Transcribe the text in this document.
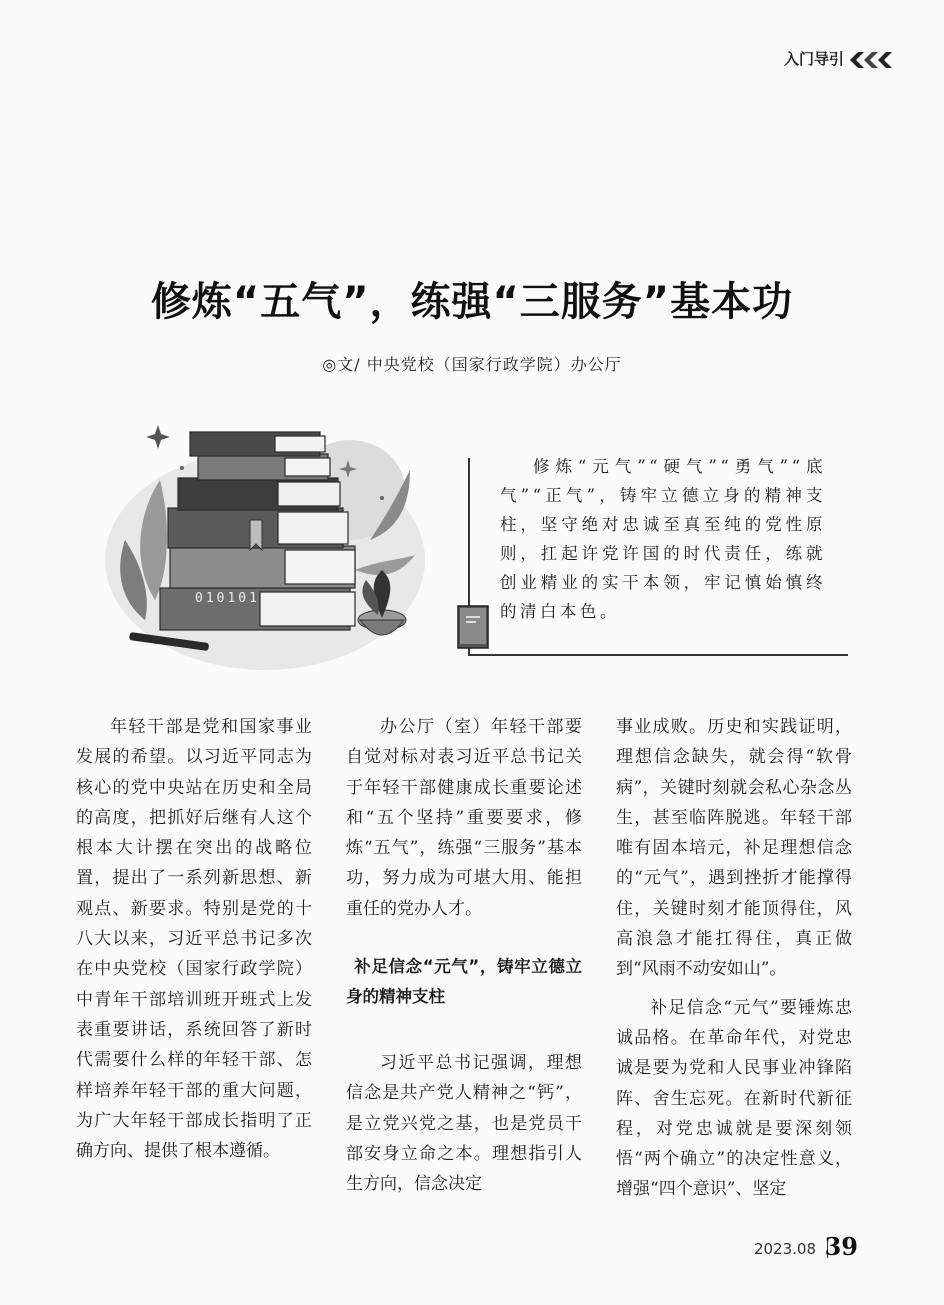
入门导引
修炼“五气”，练强“三服务”基本功
◎文/ 中央党校（国家行政学院）办公厅
010101
修炼“元气”“硬气”“勇气”“底气”“正气”，铸牢立德立身的精神支柱，坚守绝对忠诚至真至纯的党性原则，扛起许党许国的时代责任，练就创业精业的实干本领，牢记慎始慎终的清白本色。

年轻干部是党和国家事业发展的希望。以习近平同志为核心的党中央站在历史和全局的高度，把抓好后继有人这个根本大计摆在突出的战略位置，提出了一系列新思想、新观点、新要求。特别是党的十八大以来，习近平总书记多次在中央党校（国家行政学院）中青年干部培训班开班式上发表重要讲话，系统回答了新时代需要什么样的年轻干部、怎样培养年轻干部的重大问题，为广大年轻干部成长指明了正确方向、提供了根本遵循。

办公厅（室）年轻干部要自觉对标对表习近平总书记关于年轻干部健康成长重要论述和“五个坚持”重要要求，修炼“五气”，练强“三服务”基本功，努力成为可堪大用、能担重任的党办人才。

补足信念“元气”，铸牢立德立身的精神支柱

习近平总书记强调，理想信念是共产党人精神之“钙”，是立党兴党之基，也是党员干部安身立命之本。理想指引人生方向，信念决定

事业成败。历史和实践证明，理想信念缺失，就会得“软骨病”，关键时刻就会私心杂念丛生，甚至临阵脱逃。年轻干部唯有固本培元，补足理想信念的“元气”，遇到挫折才能撑得住，关键时刻才能顶得住，风高浪急才能扛得住，真正做到“风雨不动安如山”。

补足信念“元气”要锤炼忠诚品格。在革命年代，对党忠诚是要为党和人民事业冲锋陷阵、舍生忘死。在新时代新征程，对党忠诚就是要深刻领悟“两个确立”的决定性意义，增强“四个意识”、坚定

2023.08 39
